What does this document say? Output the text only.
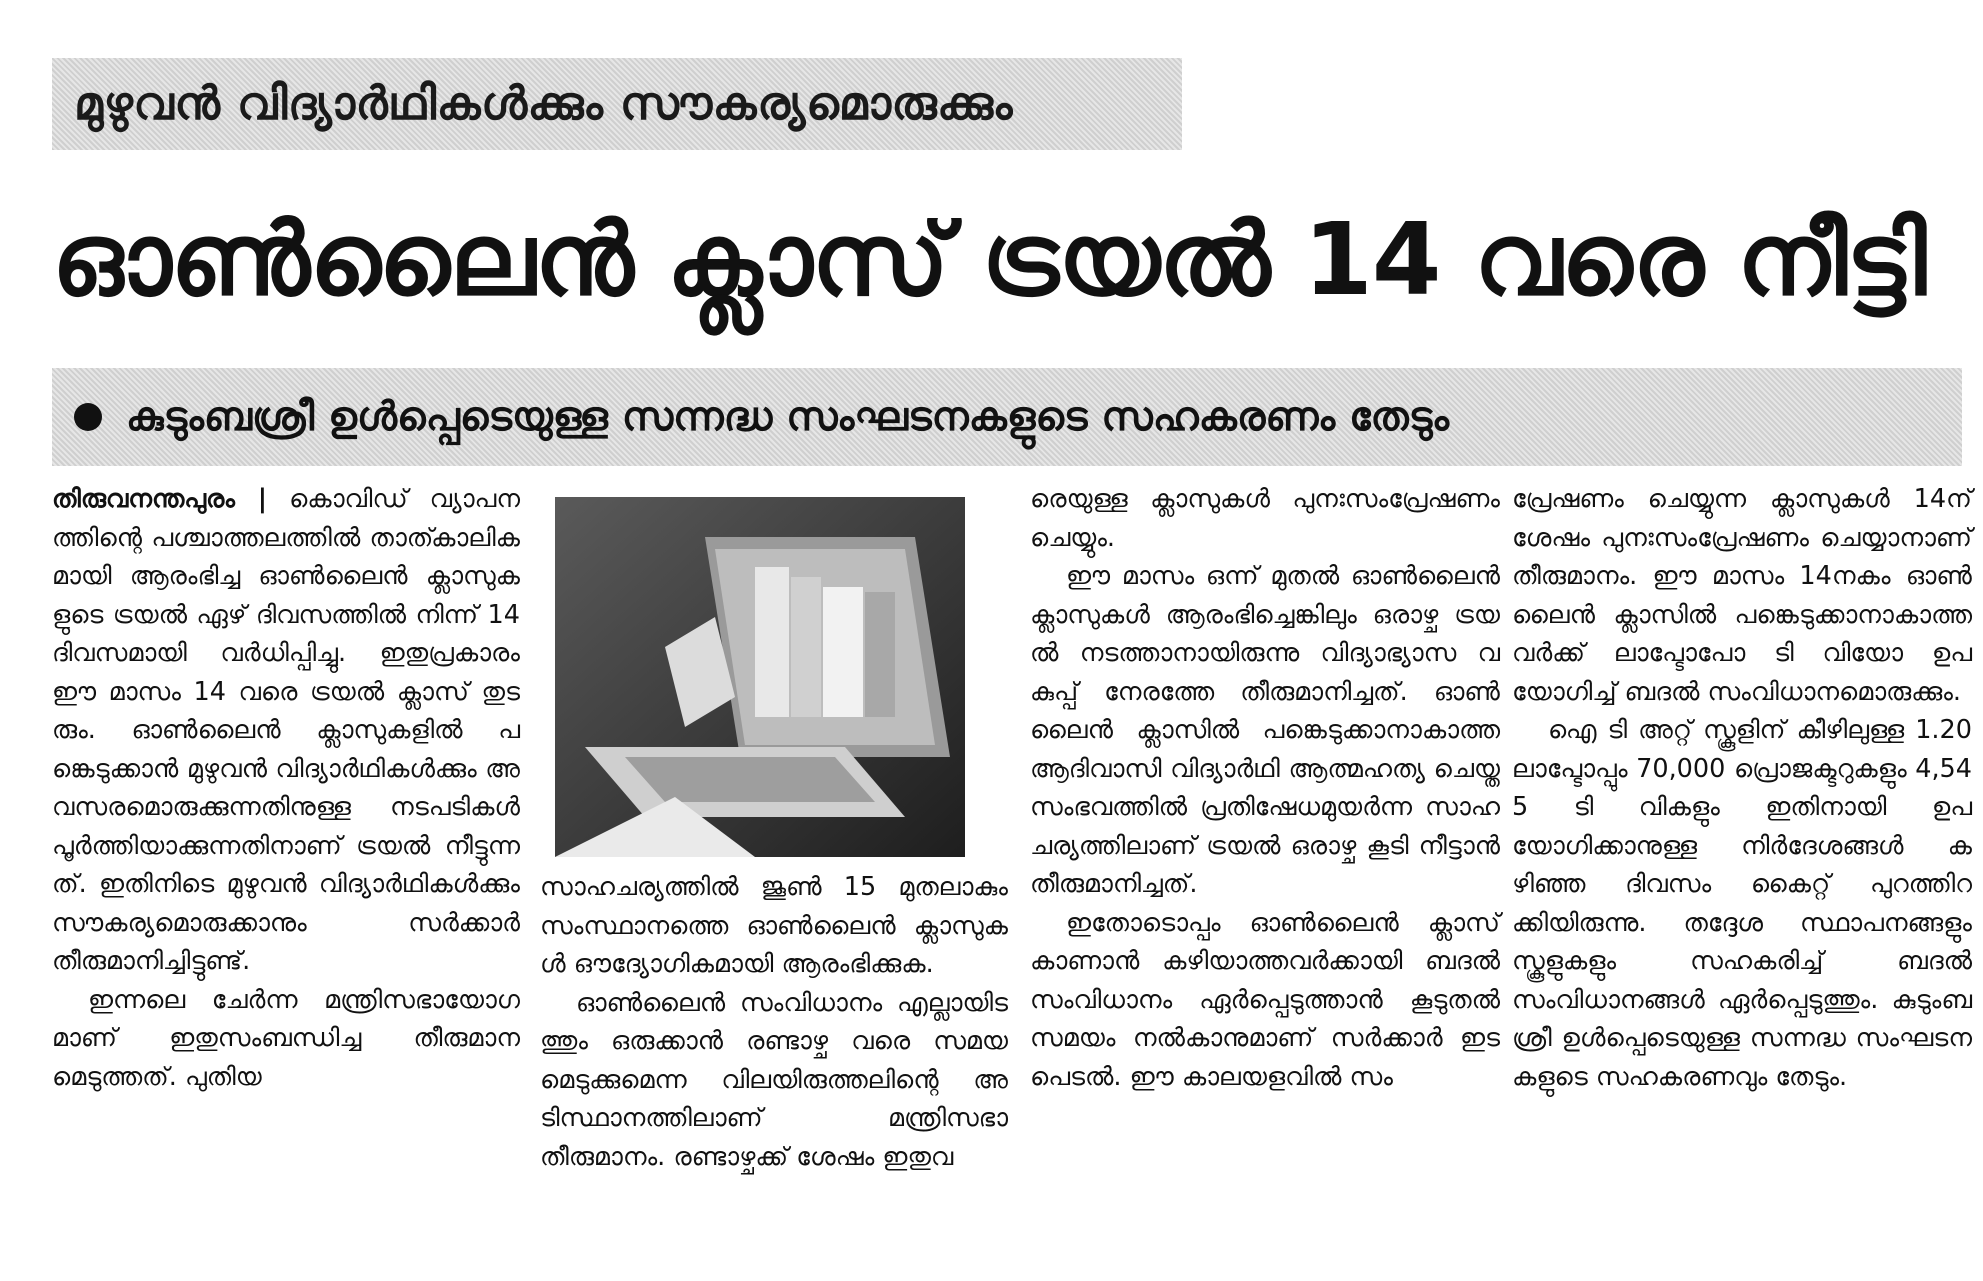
മുഴുവൻ വിദ്യാർഥികൾക്കും സൗകര്യമൊരുക്കും
ഓൺലൈൻ ക്ലാസ് ട്രയൽ 14 വരെ നീട്ടി
കുടുംബശ്രീ ഉൾപ്പെടെയുള്ള സന്നദ്ധ സംഘടനകളുടെ സഹകരണം തേടും

തിരുവനന്തപുരം | കൊവിഡ് വ്യാപനത്തിന്റെ പശ്ചാത്തലത്തിൽ താത്കാലികമായി ആരംഭിച്ച ഓൺലൈൻ ക്ലാസുകളുടെ ട്രയൽ ഏഴ് ദിവസത്തിൽ നിന്ന് 14 ദിവസമായി വർധിപ്പിച്ചു. ഇതുപ്രകാരം ഈ മാസം 14 വരെ ട്രയൽ ക്ലാസ് തുടരും. ഓൺലൈൻ ക്ലാസുകളിൽ പങ്കെടുക്കാൻ മുഴുവൻ വിദ്യാർഥികൾക്കും അവസരമൊരുക്കുന്നതിനുള്ള നടപടികൾ പൂർത്തിയാക്കുന്നതിനാണ് ട്രയൽ നീട്ടുന്നത്. ഇതിനിടെ മുഴുവൻ വിദ്യാർഥികൾക്കും സൗകര്യമൊരുക്കാനും സർക്കാർ തീരുമാനിച്ചിട്ടുണ്ട്.

ഇന്നലെ ചേർന്ന മന്ത്രിസഭായോഗമാണ് ഇതുസംബന്ധിച്ച തീരുമാനമെടുത്തത്. പുതിയ

സാഹചര്യത്തിൽ ജൂൺ 15 മുതലാകും സംസ്ഥാനത്തെ ഓൺലൈൻ ക്ലാസുകൾ ഔദ്യോഗികമായി ആരംഭിക്കുക.

ഓൺലൈൻ സംവിധാനം എല്ലായിടത്തും ഒരുക്കാൻ രണ്ടാഴ്ച വരെ സമയമെടുക്കുമെന്ന വിലയിരുത്തലിന്റെ അടിസ്ഥാനത്തിലാണ് മന്ത്രിസഭാ തീരുമാനം. രണ്ടാഴ്ചക്ക് ശേഷം ഇതുവ

രെയുള്ള ക്ലാസുകൾ പുനഃസംപ്രേഷണം ചെയ്യും.

ഈ മാസം ഒന്ന് മുതൽ ഓൺലൈൻ ക്ലാസുകൾ ആരംഭിച്ചെങ്കിലും ഒരാഴ്ച ട്രയൽ നടത്താനായിരുന്നു വിദ്യാഭ്യാസ വകുപ്പ് നേരത്തേ തീരുമാനിച്ചത്. ഓൺലൈൻ ക്ലാസിൽ പങ്കെടുക്കാനാകാത്ത ആദിവാസി വിദ്യാർഥി ആത്മഹത്യ ചെയ്ത സംഭവത്തിൽ പ്രതിഷേധമുയർന്ന സാഹചര്യത്തിലാണ് ട്രയൽ ഒരാഴ്ച കൂടി നീട്ടാൻ തീരുമാനിച്ചത്.

ഇതോടൊപ്പം ഓൺലൈൻ ക്ലാസ് കാണാൻ കഴിയാത്തവർക്കായി ബദൽ സംവിധാനം ഏർപ്പെടുത്താൻ കൂടുതൽ സമയം നൽകാനുമാണ് സർക്കാർ ഇടപെടൽ. ഈ കാലയളവിൽ സം

പ്രേഷണം ചെയ്യുന്ന ക്ലാസുകൾ 14ന് ശേഷം പുനഃസംപ്രേഷണം ചെയ്യാനാണ് തീരുമാനം. ഈ മാസം 14നകം ഓൺലൈൻ ക്ലാസിൽ പങ്കെടുക്കാനാകാത്തവർക്ക് ലാപ്ടോപോ ടി വിയോ ഉപയോഗിച്ച് ബദൽ സംവിധാനമൊരുക്കും.

ഐ ടി അറ്റ് സ്കൂളിന് കീഴിലുള്ള 1.20 ലാപ്ടോപ്പും 70,000 പ്രൊജക്ടറുകളും 4,545 ടി വികളും ഇതിനായി ഉപയോഗിക്കാനുള്ള നിർദേശങ്ങൾ കഴിഞ്ഞ ദിവസം കൈറ്റ് പുറത്തിറക്കിയിരുന്നു. തദ്ദേശ സ്ഥാപനങ്ങളും സ്കൂളുകളും സഹകരിച്ച് ബദൽ സംവിധാനങ്ങൾ ഏർപ്പെടുത്തും. കുടുംബശ്രീ ഉൾപ്പെടെയുള്ള സന്നദ്ധ സംഘടനകളുടെ സഹകരണവും തേടും.
